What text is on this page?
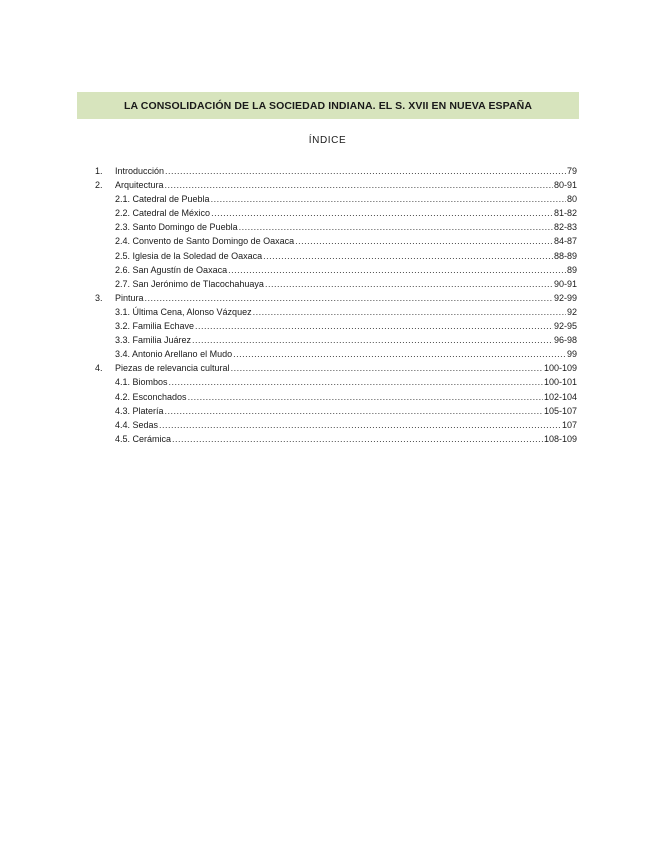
LA CONSOLIDACIÓN DE LA SOCIEDAD INDIANA. EL S. XVII EN NUEVA ESPAÑA
ÍNDICE
1.	Introducción .....	79
2.	Arquitectura .....	80-91
2.1. Catedral de Puebla .....	80
2.2. Catedral de México .....	81-82
2.3. Santo Domingo de Puebla .....	82-83
2.4. Convento de Santo Domingo de Oaxaca .....	84-87
2.5. Iglesia de la Soledad de Oaxaca .....	88-89
2.6. San Agustín de Oaxaca .....	89
2.7. San Jerónimo de Tlacochahuaya .....	90-91
3.	Pintura .....	92-99
3.1. Última Cena, Alonso Vázquez .....	92
3.2. Familia Echave .....	92-95
3.3. Familia Juárez .....	96-98
3.4. Antonio Arellano el Mudo .....	99
4.	Piezas de relevancia cultural .....	100-109
4.1. Biombos .....	100-101
4.2. Esconchados .....	102-104
4.3. Platería .....	105-107
4.4. Sedas .....	107
4.5. Cerámica .....	108-109
